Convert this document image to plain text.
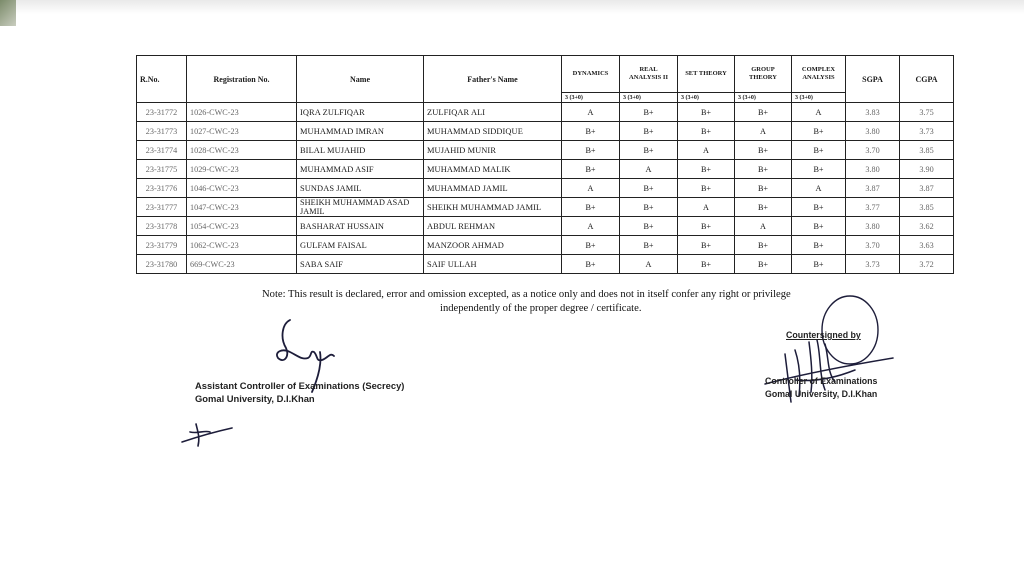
R.No.	Registration No.	Name	Father's Name	DYNAMICS	REAL ANALYSIS II	SET THEORY	GROUP THEORY	COMPLEX ANALYSIS	SGPA	CGPA
				3 (3+0)	3 (3+0)	3 (3+0)	3 (3+0)	3 (3+0)		
23-31772	1026-CWC-23	IQRA ZULFIQAR	ZULFIQAR ALI	A	B+	B+	B+	A	3.83	3.75
23-31773	1027-CWC-23	MUHAMMAD IMRAN	MUHAMMAD SIDDIQUE	B+	B+	B+	A	B+	3.80	3.73
23-31774	1028-CWC-23	BILAL MUJAHID	MUJAHID MUNIR	B+	B+	A	B+	B+	3.70	3.85
23-31775	1029-CWC-23	MUHAMMAD ASIF	MUHAMMAD MALIK	B+	A	B+	B+	B+	3.80	3.90
23-31776	1046-CWC-23	SUNDAS JAMIL	MUHAMMAD JAMIL	A	B+	B+	B+	A	3.87	3.87
23-31777	1047-CWC-23	SHEIKH MUHAMMAD ASAD JAMIL	SHEIKH MUHAMMAD JAMIL	B+	B+	A	B+	B+	3.77	3.85
23-31778	1054-CWC-23	BASHARAT HUSSAIN	ABDUL REHMAN	A	B+	B+	A	B+	3.80	3.62
23-31779	1062-CWC-23	GULFAM FAISAL	MANZOOR AHMAD	B+	B+	B+	B+	B+	3.70	3.63
23-31780	669-CWC-23	SABA SAIF	SAIF ULLAH	B+	A	B+	B+	B+	3.73	3.72
Note: This result is declared, error and omission excepted, as a notice only and does not in itself confer any right or privilege
independently of the proper degree / certificate.
Assistant Controller of Examinations (Secrecy)
Gomal University, D.I.Khan
Countersigned by
Controller of Examinations
Gomal University, D.I.Khan
